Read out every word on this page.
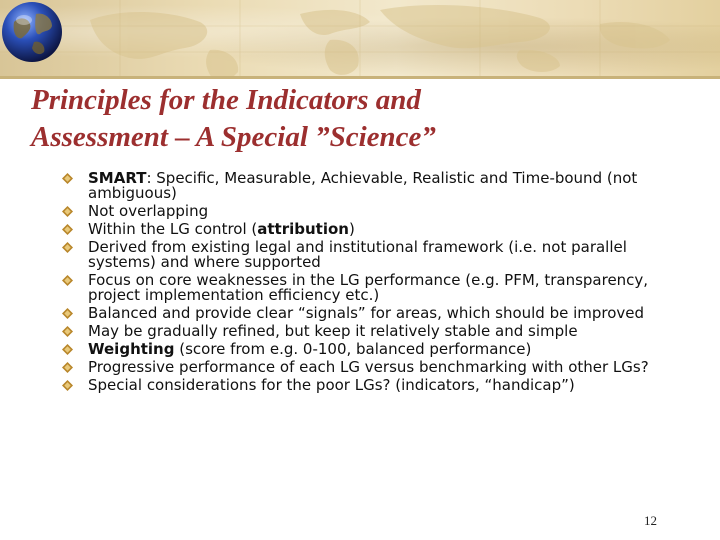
Principles for the Indicators and
Assessment – A Special ”Science”
SMART: Specific, Measurable, Achievable, Realistic and Time-bound (not ambiguous)
Not overlapping
Within the LG control (attribution)
Derived from existing legal and institutional framework (i.e. not parallel systems) and where supported
Focus on core weaknesses in the LG performance (e.g. PFM, transparency, project implementation efficiency etc.)
Balanced and provide clear “signals” for areas, which should be improved
May be gradually refined, but keep it relatively stable and simple
Weighting (score from e.g. 0-100, balanced performance)
Progressive performance of each LG versus benchmarking with other LGs?
Special considerations for the poor LGs? (indicators, “handicap”)
12
